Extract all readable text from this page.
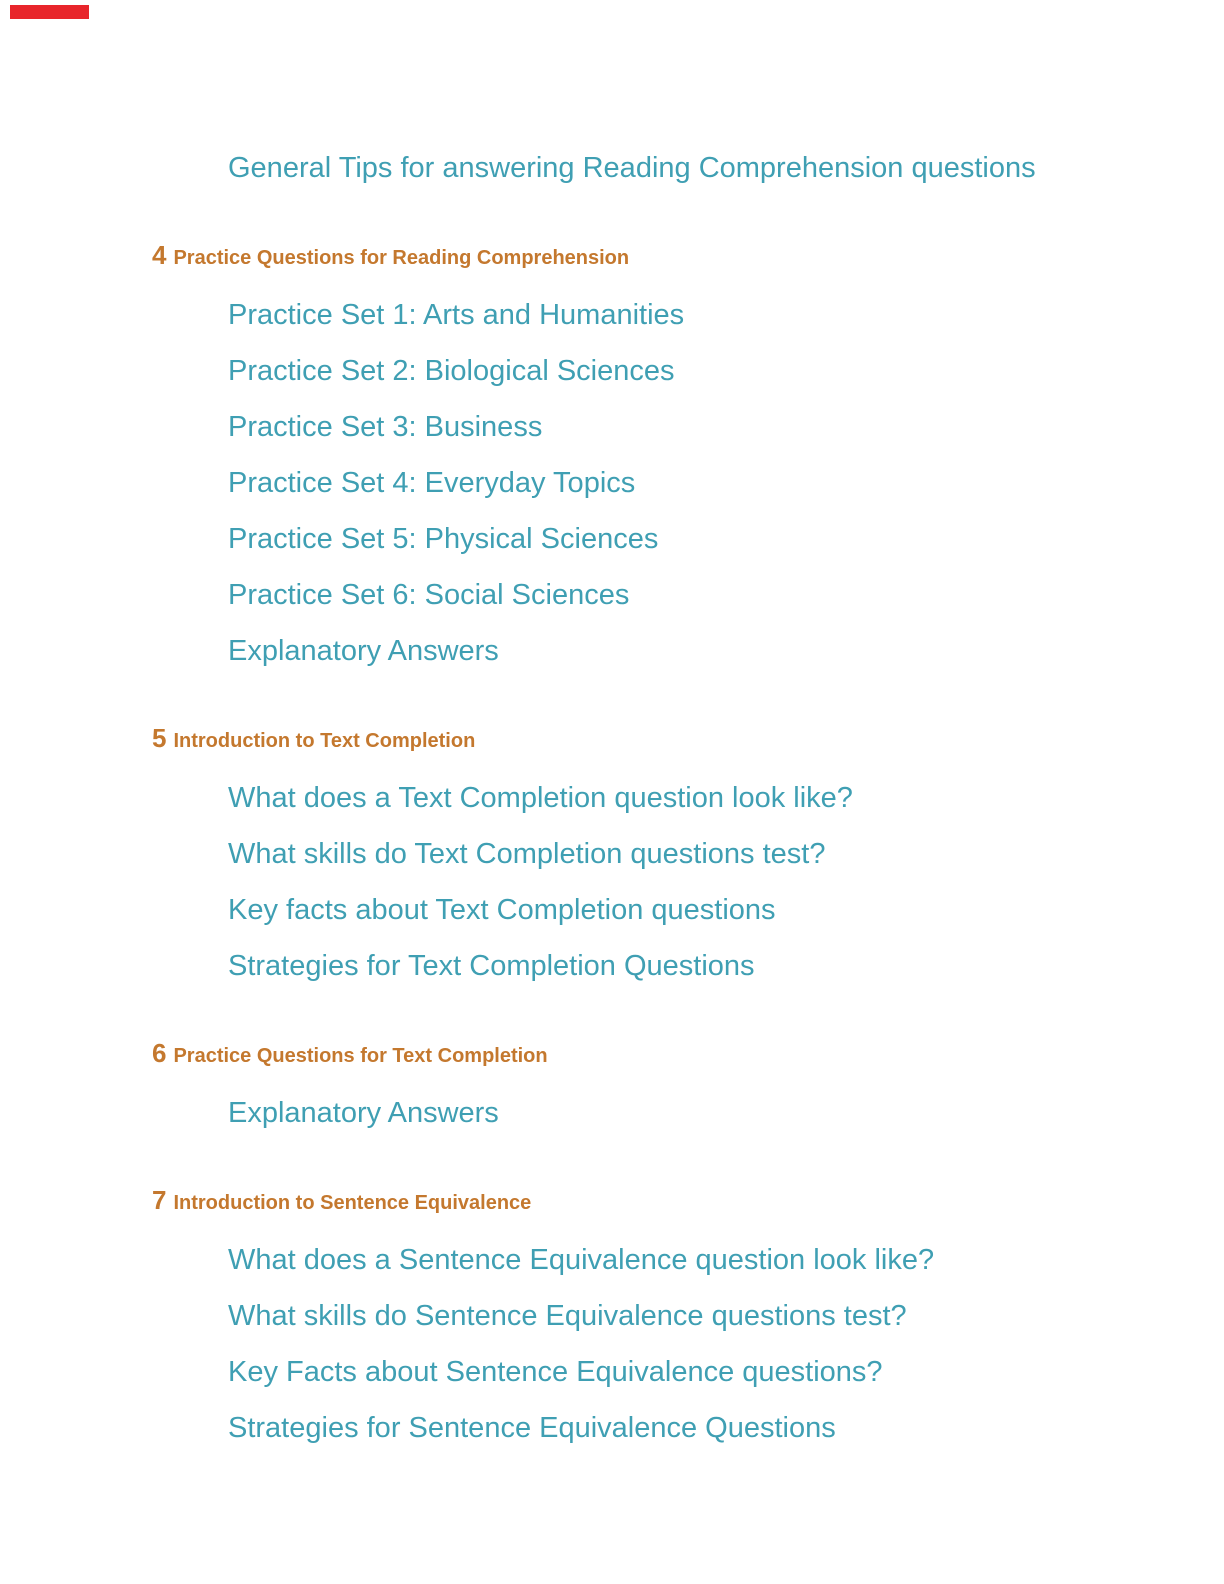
General Tips for answering Reading Comprehension questions
4 Practice Questions for Reading Comprehension
Practice Set 1: Arts and Humanities
Practice Set 2: Biological Sciences
Practice Set 3: Business
Practice Set 4: Everyday Topics
Practice Set 5: Physical Sciences
Practice Set 6: Social Sciences
Explanatory Answers
5 Introduction to Text Completion
What does a Text Completion question look like?
What skills do Text Completion questions test?
Key facts about Text Completion questions
Strategies for Text Completion Questions
6 Practice Questions for Text Completion
Explanatory Answers
7 Introduction to Sentence Equivalence
What does a Sentence Equivalence question look like?
What skills do Sentence Equivalence questions test?
Key Facts about Sentence Equivalence questions?
Strategies for Sentence Equivalence Questions
